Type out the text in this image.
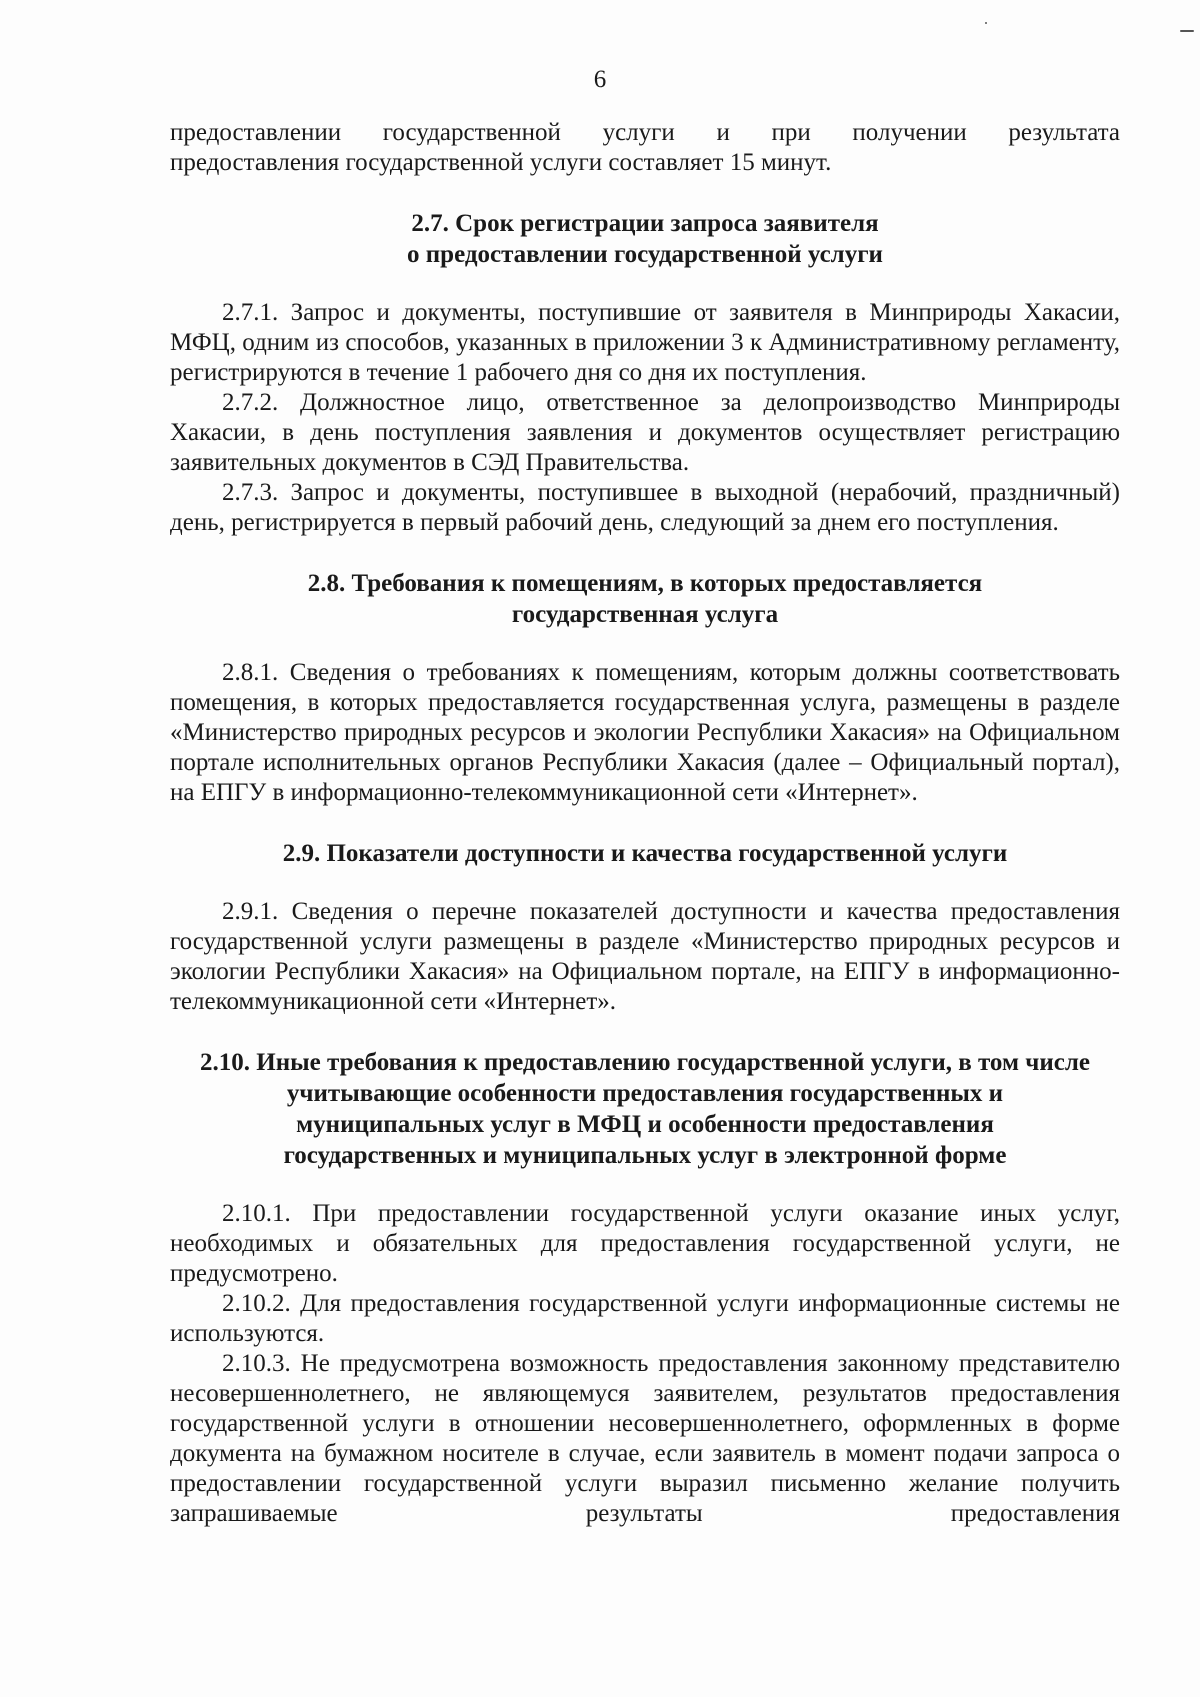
6

предоставлении государственной услуги и при получении результата

предоставления государственной услуги составляет 15 минут.

2.7. Срок регистрации запроса заявителя

о предоставлении государственной услуги

2.7.1. Запрос и документы, поступившие от заявителя в Минприроды Хакасии, МФЦ, одним из способов, указанных в приложении 3 к Административному регламенту, регистрируются в течение 1 рабочего дня со дня их поступления.

2.7.2. Должностное лицо, ответственное за делопроизводство Минприроды Хакасии, в день поступления заявления и документов осуществляет регистрацию заявительных документов в СЭД Правительства.

2.7.3. Запрос и документы, поступившее в выходной (нерабочий, праздничный) день, регистрируется в первый рабочий день, следующий за днем его поступления.

2.8. Требования к помещениям, в которых предоставляется

государственная услуга

2.8.1. Сведения о требованиях к помещениям, которым должны соответствовать помещения, в которых предоставляется государственная услуга, размещены в разделе «Министерство природных ресурсов и экологии Республики Хакасия» на Официальном портале исполнительных органов Республики Хакасия (далее – Официальный портал), на ЕПГУ в информационно-телекоммуникационной сети «Интернет».

2.9. Показатели доступности и качества государственной услуги

2.9.1. Сведения о перечне показателей доступности и качества предоставления государственной услуги размещены в разделе «Министерство природных ресурсов и экологии Республики Хакасия» на Официальном портале, на ЕПГУ в информационно-телекоммуникационной сети «Интернет».

2.10. Иные требования к предоставлению государственной услуги, в том числе

учитывающие особенности предоставления государственных и

муниципальных услуг в МФЦ и особенности предоставления

государственных и муниципальных услуг в электронной форме

2.10.1. При предоставлении государственной услуги оказание иных услуг, необходимых и обязательных для предоставления государственной услуги, не предусмотрено.

2.10.2. Для предоставления государственной услуги информационные системы не используются.

2.10.3. Не предусмотрена возможность предоставления законному представителю несовершеннолетнего, не являющемуся заявителем, результатов предоставления государственной услуги в отношении несовершеннолетнего, оформленных в форме документа на бумажном носителе в случае, если заявитель в момент подачи запроса о предоставлении государственной услуги выразил письменно желание получить запрашиваемые результаты предоставления
